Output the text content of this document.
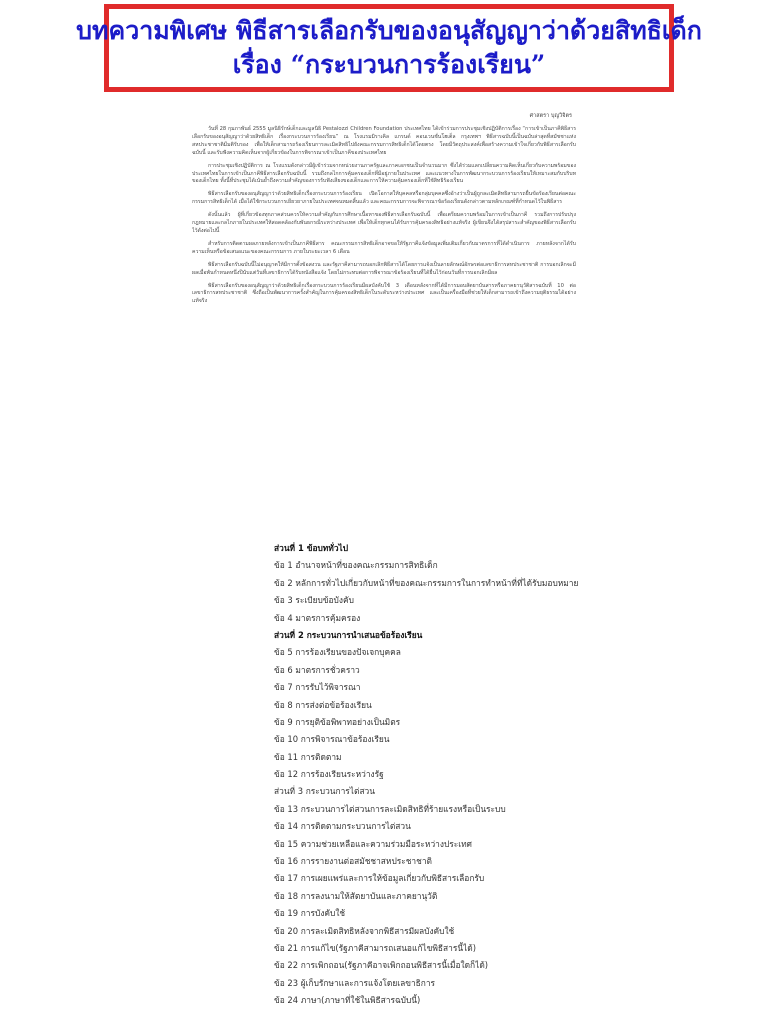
บทความพิเศษ พิธีสารเลือกรับของอนุสัญญาว่าด้วยสิทธิเด็ก
เรื่อง “กระบวนการร้องเรียน”
ศาสตรา บุญวิจิตร

วันที่ 28 กุมภาพันธ์ 2555 มูลนิธิรักษ์เด็กและมูลนิธิ Pestalozzi Children Foundation ประเทศไทย ได้เข้าร่วมการประชุมเชิงปฏิบัติการเรื่อง “การเข้าเป็นภาคีพิธีสารเลือกรับของอนุสัญญาว่าด้วยสิทธิเด็ก เรื่องกระบวนการร้องเรียน” ณ โรงแรมมิราเคิล แกรนด์ คอนเวนชั่นโฮเต็ล กรุงเทพฯ พิธีสารฉบับนี้เป็นฉบับล่าสุดที่สมัชชาแห่งสหประชาชาติมีมติรับรอง เพื่อให้เด็กสามารถร้องเรียนการละเมิดสิทธิไปยังคณะกรรมการสิทธิเด็กได้โดยตรง โดยมีวัตถุประสงค์เพื่อสร้างความเข้าใจเกี่ยวกับพิธีสารเลือกรับฉบับนี้ และรับฟังความคิดเห็นจากผู้เกี่ยวข้องในการพิจารณาเข้าเป็นภาคีของประเทศไทย

การประชุมเชิงปฏิบัติการ ณ โรงแรมดังกล่าวมีผู้เข้าร่วมจากหน่วยงานภาครัฐและภาคเอกชนเป็นจำนวนมาก ซึ่งได้ร่วมแลกเปลี่ยนความคิดเห็นเกี่ยวกับความพร้อมของประเทศไทยในการเข้าเป็นภาคีพิธีสารเลือกรับฉบับนี้ รวมถึงกลไกการคุ้มครองเด็กที่มีอยู่ภายในประเทศ และแนวทางในการพัฒนากระบวนการร้องเรียนให้เหมาะสมกับบริบทของเด็กไทย ทั้งนี้ที่ประชุมได้เน้นย้ำถึงความสำคัญของการรับฟังเสียงของเด็กและการให้ความคุ้มครองเด็กที่ใช้สิทธิร้องเรียน

พิธีสารเลือกรับของอนุสัญญาว่าด้วยสิทธิเด็กเรื่องกระบวนการร้องเรียน เปิดโอกาสให้บุคคลหรือกลุ่มบุคคลซึ่งอ้างว่าเป็นผู้ถูกละเมิดสิทธิสามารถยื่นข้อร้องเรียนต่อคณะกรรมการสิทธิเด็กได้ เมื่อได้ใช้กระบวนการเยียวยาภายในประเทศจนหมดสิ้นแล้ว และคณะกรรมการจะพิจารณาข้อร้องเรียนดังกล่าวตามหลักเกณฑ์ที่กำหนดไว้ในพิธีสาร

ดังนั้นแล้ว ผู้ที่เกี่ยวข้องทุกภาคส่วนควรให้ความสำคัญกับการศึกษาเนื้อหาของพิธีสารเลือกรับฉบับนี้ เพื่อเตรียมความพร้อมในการเข้าเป็นภาคี รวมถึงการปรับปรุงกฎหมายและกลไกภายในประเทศให้สอดคล้องกับพันธกรณีระหว่างประเทศ เพื่อให้เด็กทุกคนได้รับการคุ้มครองสิทธิอย่างแท้จริง ผู้เขียนจึงได้สรุปสาระสำคัญของพิธีสารเลือกรับไว้ดังต่อไปนี้

สำหรับการติดตามผลภายหลังการเข้าเป็นภาคีพิธีสาร คณะกรรมการสิทธิเด็กอาจขอให้รัฐภาคีแจ้งข้อมูลเพิ่มเติมเกี่ยวกับมาตรการที่ได้ดำเนินการ ภายหลังจากได้รับความเห็นหรือข้อเสนอแนะของคณะกรรมการ ภายในระยะเวลา 6 เดือน

พิธีสารเลือกรับฉบับนี้ไม่อนุญาตให้มีการตั้งข้อสงวน และรัฐภาคีสามารถบอกเลิกพิธีสารได้โดยการแจ้งเป็นลายลักษณ์อักษรต่อเลขาธิการสหประชาชาติ การบอกเลิกจะมีผลเมื่อพ้นกำหนดหนึ่งปีนับแต่วันที่เลขาธิการได้รับหนังสือแจ้ง โดยไม่กระทบต่อการพิจารณาข้อร้องเรียนที่ได้ยื่นไว้ก่อนวันที่การบอกเลิกมีผล

พิธีสารเลือกรับของอนุสัญญาว่าด้วยสิทธิเด็กเรื่องกระบวนการร้องเรียนมีผลบังคับใช้ 3 เดือนหลังจากที่ได้มีการมอบสัตยาบันสารหรือภาคยานุวัติสารฉบับที่ 10 ต่อเลขาธิการสหประชาชาติ ซึ่งถือเป็นพัฒนาการครั้งสำคัญในการคุ้มครองสิทธิเด็กในระดับระหว่างประเทศ และเป็นเครื่องมือที่ช่วยให้เด็กสามารถเข้าถึงความยุติธรรมได้อย่างแท้จริง

ส่วนที่ 1 ข้อบททั่วไป
ข้อ 1 อำนาจหน้าที่ของคณะกรรมการสิทธิเด็ก
ข้อ 2 หลักการทั่วไปเกี่ยวกับหน้าที่ของคณะกรรมการในการทำหน้าที่ที่ได้รับมอบหมาย
ข้อ 3 ระเบียบข้อบังคับ
ข้อ 4 มาตรการคุ้มครอง
ส่วนที่ 2 กระบวนการนำเสนอข้อร้องเรียน
ข้อ 5 การร้องเรียนของปัจเจกบุคคล
ข้อ 6 มาตรการชั่วคราว
ข้อ 7 การรับไว้พิจารณา
ข้อ 8 การส่งต่อข้อร้องเรียน
ข้อ 9 การยุติข้อพิพาทอย่างเป็นมิตร
ข้อ 10 การพิจารณาข้อร้องเรียน
ข้อ 11 การติดตาม
ข้อ 12 การร้องเรียนระหว่างรัฐ
ส่วนที่ 3 กระบวนการไต่สวน
ข้อ 13 กระบวนการไต่สวนการละเมิดสิทธิที่ร้ายแรงหรือเป็นระบบ
ข้อ 14 การติดตามกระบวนการไต่สวน
ข้อ 15 ความช่วยเหลือและความร่วมมือระหว่างประเทศ
ข้อ 16 การรายงานต่อสมัชชาสหประชาชาติ
ข้อ 17 การเผยแพร่และการให้ข้อมูลเกี่ยวกับพิธีสารเลือกรับ
ข้อ 18 การลงนามให้สัตยาบันและภาคยานุวัติ
ข้อ 19 การบังคับใช้
ข้อ 20 การละเมิดสิทธิหลังจากพิธีสารมีผลบังคับใช้
ข้อ 21 การแก้ไข(รัฐภาคีสามารถเสนอแก้ไขพิธีสารนี้ได้)
ข้อ 22 การเพิกถอน(รัฐภาคีอาจเพิกถอนพิธีสารนี้เมื่อใดก็ได้)
ข้อ 23 ผู้เก็บรักษาและการแจ้งโดยเลขาธิการ
ข้อ 24 ภาษา(ภาษาที่ใช้ในพิธีสารฉบับนี้)
